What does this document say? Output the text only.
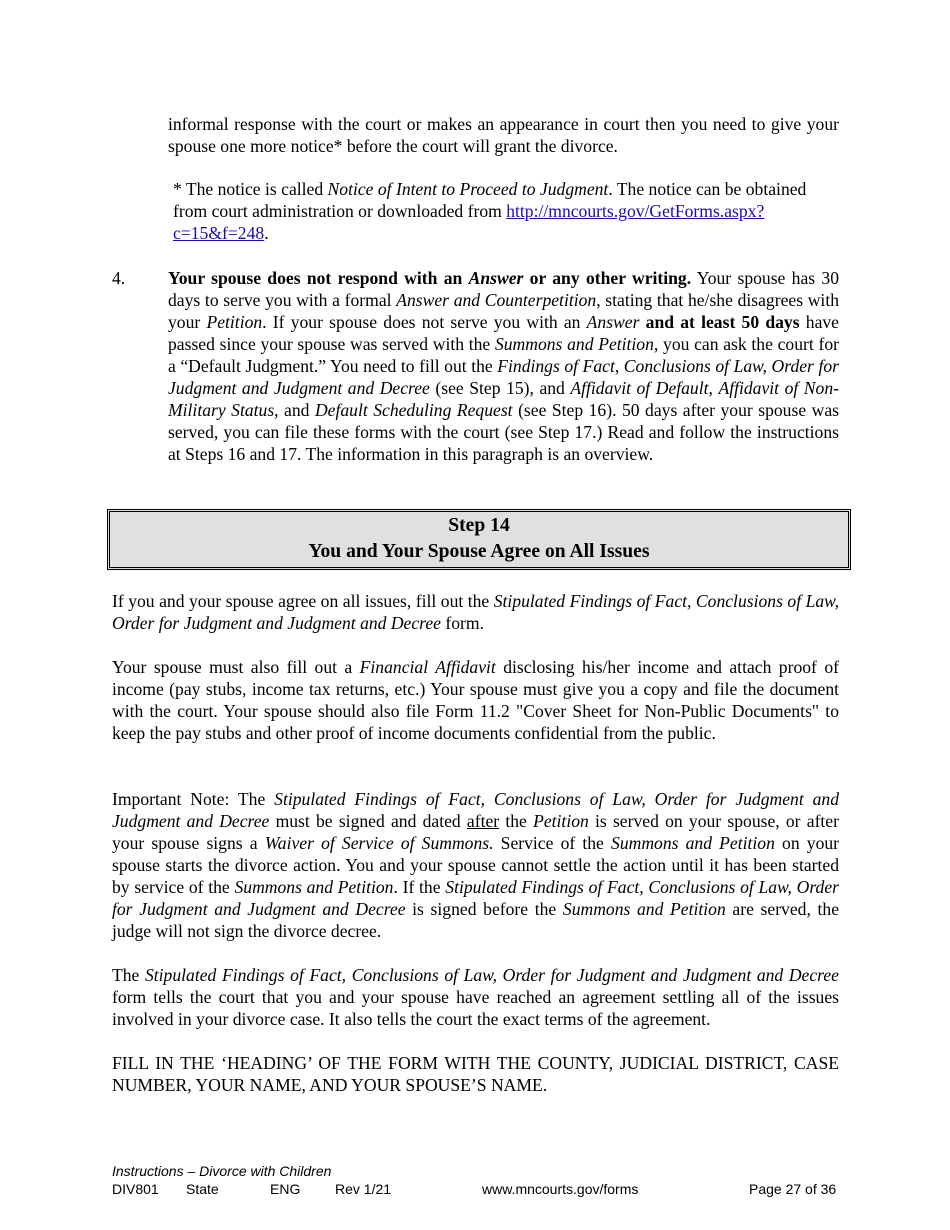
informal response with the court or makes an appearance in court then you need to give your spouse one more notice* before the court will grant the divorce.

* The notice is called Notice of Intent to Proceed to Judgment. The notice can be obtained from court administration or downloaded from http://mncourts.gov/GetForms.aspx?c=15&f=248.

4. Your spouse does not respond with an Answer or any other writing. Your spouse has 30 days to serve you with a formal Answer and Counterpetition, stating that he/she disagrees with your Petition. If your spouse does not serve you with an Answer and at least 50 days have passed since your spouse was served with the Summons and Petition, you can ask the court for a “Default Judgment.” You need to fill out the Findings of Fact, Conclusions of Law, Order for Judgment and Judgment and Decree (see Step 15), and Affidavit of Default, Affidavit of Non-Military Status, and Default Scheduling Request (see Step 16). 50 days after your spouse was served, you can file these forms with the court (see Step 17.) Read and follow the instructions at Steps 16 and 17. The information in this paragraph is an overview.

Step 14
You and Your Spouse Agree on All Issues

If you and your spouse agree on all issues, fill out the Stipulated Findings of Fact, Conclusions of Law, Order for Judgment and Judgment and Decree form.

Your spouse must also fill out a Financial Affidavit disclosing his/her income and attach proof of income (pay stubs, income tax returns, etc.) Your spouse must give you a copy and file the document with the court. Your spouse should also file Form 11.2 "Cover Sheet for Non-Public Documents" to keep the pay stubs and other proof of income documents confidential from the public.

Important Note: The Stipulated Findings of Fact, Conclusions of Law, Order for Judgment and Judgment and Decree must be signed and dated after the Petition is served on your spouse, or after your spouse signs a Waiver of Service of Summons. Service of the Summons and Petition on your spouse starts the divorce action. You and your spouse cannot settle the action until it has been started by service of the Summons and Petition. If the Stipulated Findings of Fact, Conclusions of Law, Order for Judgment and Judgment and Decree is signed before the Summons and Petition are served, the judge will not sign the divorce decree.

The Stipulated Findings of Fact, Conclusions of Law, Order for Judgment and Judgment and Decree form tells the court that you and your spouse have reached an agreement settling all of the issues involved in your divorce case. It also tells the court the exact terms of the agreement.

FILL IN THE ‘HEADING’ OF THE FORM WITH THE COUNTY, JUDICIAL DISTRICT, CASE NUMBER, YOUR NAME, AND YOUR SPOUSE’S NAME.

Instructions – Divorce with Children
DIV801 State	ENG Rev 1/21	www.mncourts.gov/forms	Page 27 of 36
